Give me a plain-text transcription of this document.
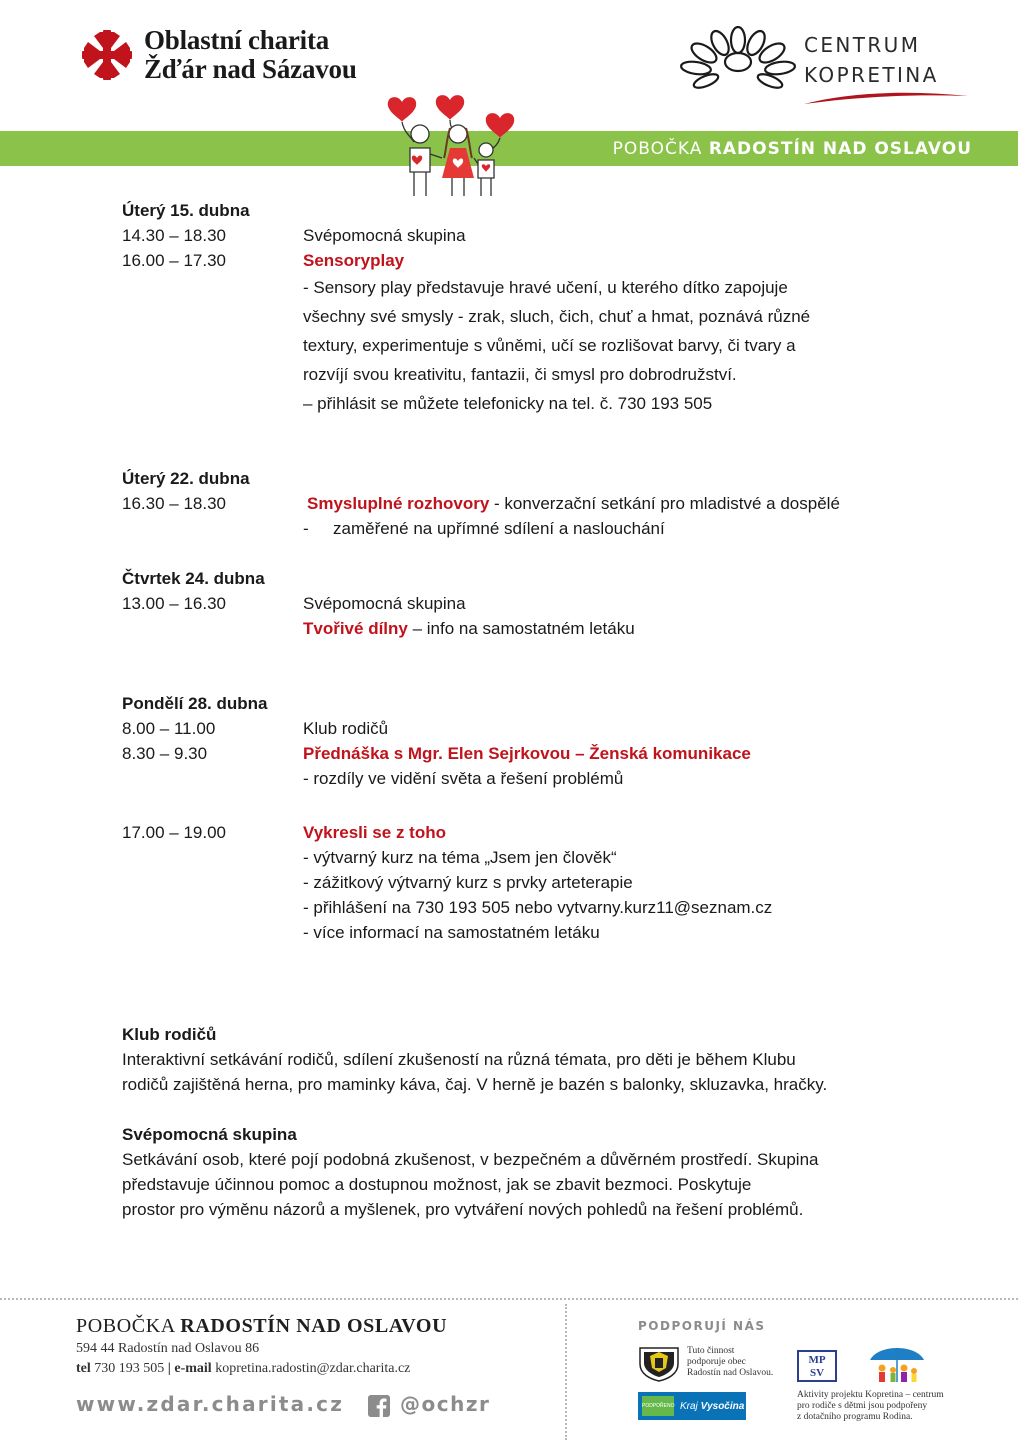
Oblastní charita
Žďár nad Sázavou
CENTRUM
KOPRETINA
POBOČKA RADOSTÍN NAD OSLAVOU
Úterý 15. dubna
14.30 – 18.30	Svépomocná skupina
16.00 – 17.30	Sensoryplay
- Sensory play představuje hravé učení, u kterého dítko zapojuje
všechny své smysly - zrak, sluch, čich, chuť a hmat, poznává různé
textury, experimentuje s vůněmi, učí se rozlišovat barvy, či tvary a
rozvíjí svou kreativitu, fantazii, či smysl pro dobrodružství.
– přihlásit se můžete telefonicky na tel. č. 730 193 505
Úterý 22. dubna
16.30 – 18.30	Smysluplné rozhovory - konverzační setkání pro mladistvé a dospělé
-	zaměřené na upřímné sdílení a naslouchání
Čtvrtek 24. dubna
13.00 – 16.30	Svépomocná skupina
Tvořivé dílny – info na samostatném letáku
Pondělí 28. dubna
8.00 – 11.00	Klub rodičů
8.30 – 9.30	Přednáška s Mgr. Elen Sejrkovou – Ženská komunikace
- rozdíly ve vidění světa a řešení problémů
17.00 – 19.00	Vykresli se z toho
- výtvarný kurz na téma „Jsem jen člověk“
- zážitkový výtvarný kurz s prvky arteterapie
- přihlášení na 730 193 505 nebo vytvarny.kurz11@seznam.cz
- více informací na samostatném letáku
Klub rodičů
Interaktivní setkávání rodičů, sdílení zkušeností na různá témata, pro děti je během Klubu
rodičů zajištěná herna, pro maminky káva, čaj. V herně je bazén s balonky, skluzavka, hračky.
Svépomocná skupina
Setkávání osob, které pojí podobná zkušenost, v bezpečném a důvěrném prostředí. Skupina
představuje účinnou pomoc a dostupnou možnost, jak se zbavit bezmoci. Poskytuje
prostor pro výměnu názorů a myšlenek, pro vytváření nových pohledů na řešení problémů.
POBOČKA RADOSTÍN NAD OSLAVOU
594 44 Radostín nad Oslavou 86
tel 730 193 505 | e-mail kopretina.radostin@zdar.charita.cz
www.zdar.charita.cz	@ochzr
PODPORUJÍ NÁS
Tuto činnost
podporuje obec
Radostín nad Oslavou.
MP
SV
PODPOŘENO Kraj Vysočina
Aktivity projektu Kopretina – centrum
pro rodiče s dětmi jsou podpořeny
z dotačního programu Rodina.
